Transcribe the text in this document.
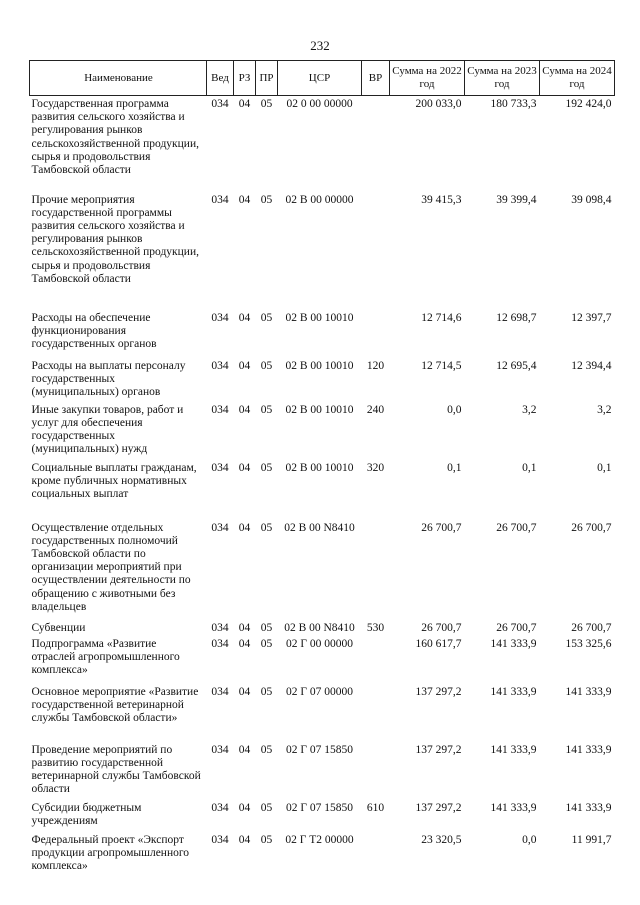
232
Наименование	Вед	РЗ	ПР	ЦСР	ВР	Сумма на 2022 год	Сумма на 2023 год	Сумма на 2024 год
Государственная программа развития сельского хозяйства и регулирования рынков сельскохозяйственной продукции, сырья и продовольствия Тамбовской области	034	04	05	02 0 00 00000		200 033,0	180 733,3	192 424,0
Прочие мероприятия государственной программы развития сельского хозяйства и регулирования рынков сельскохозяйственной продукции, сырья и продовольствия Тамбовской области	034	04	05	02 В 00 00000		39 415,3	39 399,4	39 098,4
Расходы на обеспечение функционирования государственных органов	034	04	05	02 В 00 10010		12 714,6	12 698,7	12 397,7
Расходы на выплаты персоналу государственных (муниципальных) органов	034	04	05	02 В 00 10010	120	12 714,5	12 695,4	12 394,4
Иные закупки товаров, работ и услуг для обеспечения государственных (муниципальных) нужд	034	04	05	02 В 00 10010	240	0,0	3,2	3,2
Социальные выплаты гражданам, кроме публичных нормативных социальных выплат	034	04	05	02 В 00 10010	320	0,1	0,1	0,1
Осуществление отдельных государственных полномочий Тамбовской области по организации мероприятий при осуществлении деятельности по обращению с животными без владельцев	034	04	05	02 В 00 N8410		26 700,7	26 700,7	26 700,7
Субвенции	034	04	05	02 В 00 N8410	530	26 700,7	26 700,7	26 700,7
Подпрограмма «Развитие отраслей агропромышленного комплекса»	034	04	05	02 Г 00 00000		160 617,7	141 333,9	153 325,6
Основное мероприятие «Развитие государственной ветеринарной службы Тамбовской области»	034	04	05	02 Г 07 00000		137 297,2	141 333,9	141 333,9
Проведение мероприятий по развитию государственной ветеринарной службы Тамбовской области	034	04	05	02 Г 07 15850		137 297,2	141 333,9	141 333,9
Субсидии бюджетным учреждениям	034	04	05	02 Г 07 15850	610	137 297,2	141 333,9	141 333,9
Федеральный проект «Экспорт продукции агропромышленного комплекса»	034	04	05	02 Г Т2 00000		23 320,5	0,0	11 991,7
